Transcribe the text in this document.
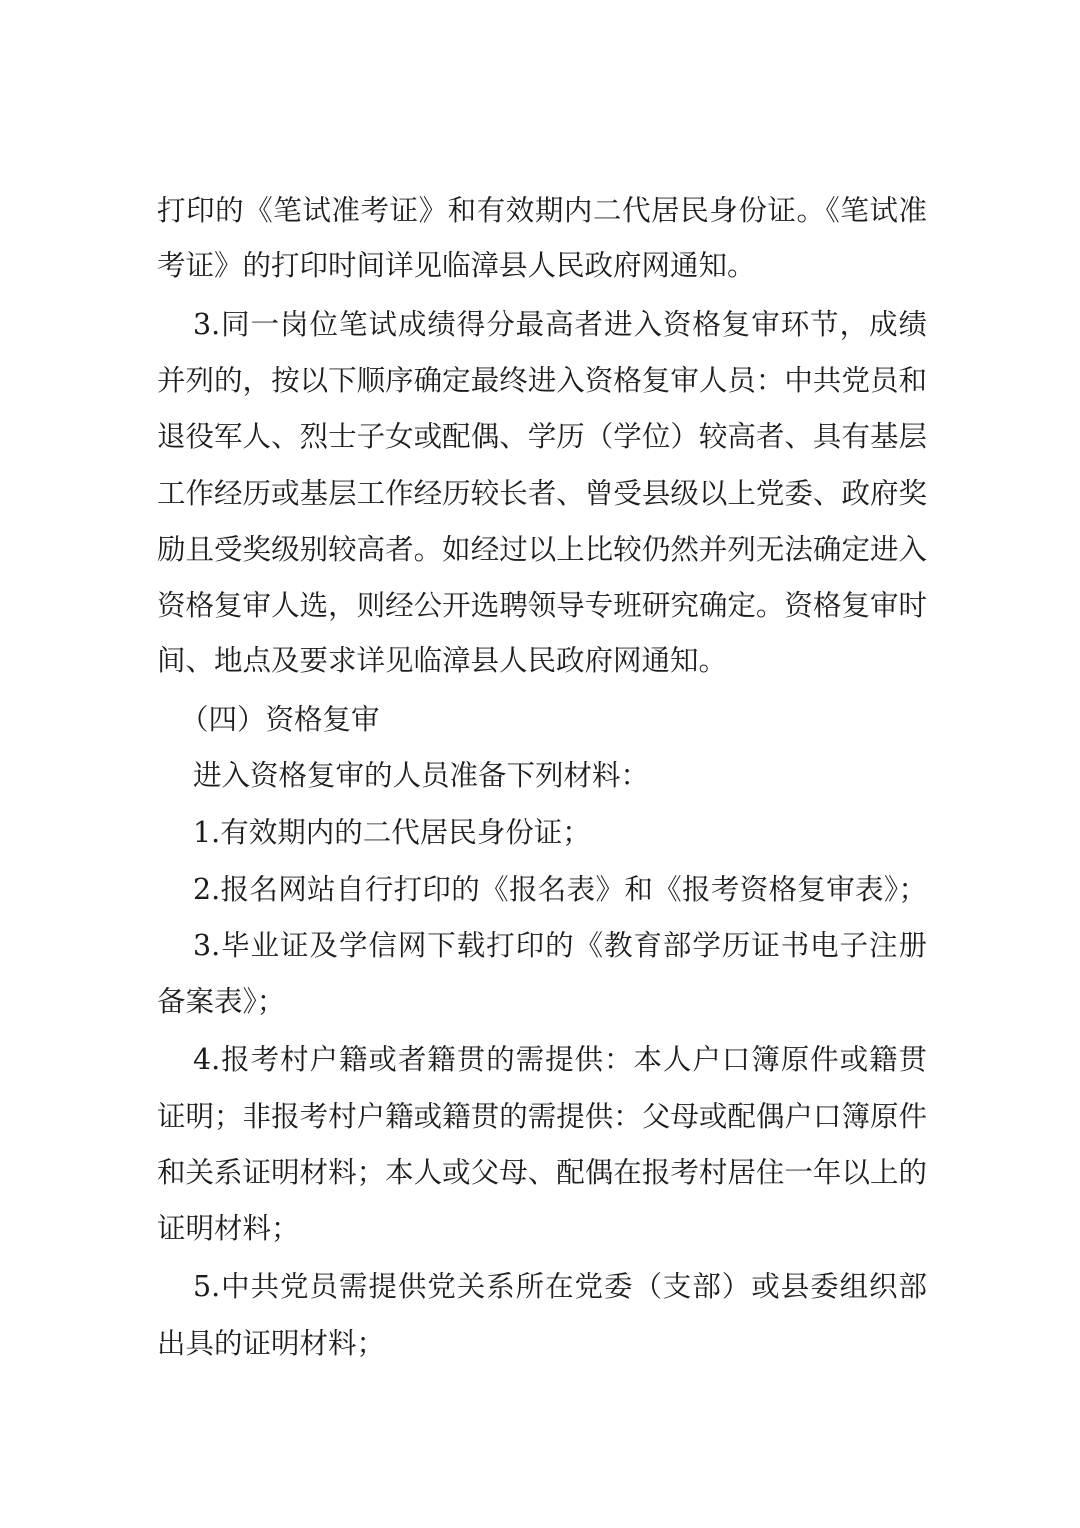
打印的《笔试准考证》和有效期内二代居民身份证。《笔试准
考证》的打印时间详见临漳县人民政府网通知。
3.同一岗位笔试成绩得分最高者进入资格复审环节，成绩
并列的，按以下顺序确定最终进入资格复审人员：中共党员和
退役军人、烈士子女或配偶、学历（学位）较高者、具有基层
工作经历或基层工作经历较长者、曾受县级以上党委、政府奖
励且受奖级别较高者。如经过以上比较仍然并列无法确定进入
资格复审人选，则经公开选聘领导专班研究确定。资格复审时
间、地点及要求详见临漳县人民政府网通知。
（四）资格复审
进入资格复审的人员准备下列材料：
1.有效期内的二代居民身份证；
2.报名网站自行打印的《报名表》和《报考资格复审表》；
3.毕业证及学信网下载打印的《教育部学历证书电子注册
备案表》；
4.报考村户籍或者籍贯的需提供：本人户口簿原件或籍贯
证明；非报考村户籍或籍贯的需提供：父母或配偶户口簿原件
和关系证明材料；本人或父母、配偶在报考村居住一年以上的
证明材料；
5.中共党员需提供党关系所在党委（支部）或县委组织部
出具的证明材料；
